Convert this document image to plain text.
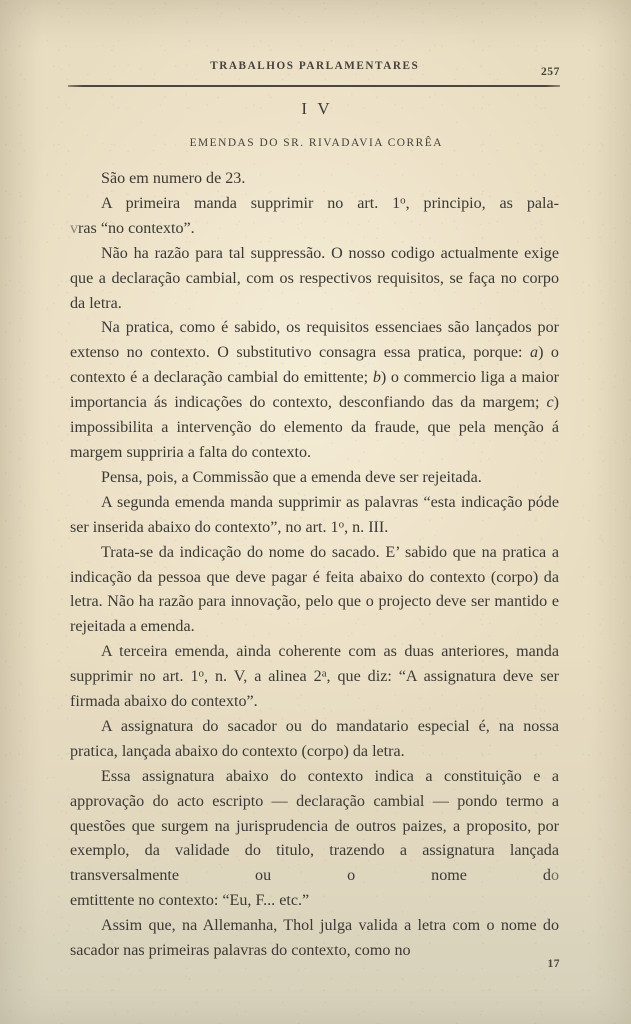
TRABALHOS PARLAMENTARES	257
I V
EMENDAS DO SR. RIVADAVIA CORRÊA

São em numero de 23.

A primeira manda supprimir no art. 1$^o$, principio, as pala-

vras “no contexto”.

Não ha razão para tal suppressão. O nosso codigo actualmente exige que a declaração cambial, com os respectivos requisitos, se faça no corpo da letra.

Na pratica, como é sabido, os requisitos essenciaes são lançados por extenso no contexto. O substitutivo consagra essa pratica, porque: a) o contexto é a declaração cambial do emittente; b) o commercio liga a maior importancia ás indicações do contexto, desconfiando das da margem; c) impossibilita a intervenção do elemento da fraude, que pela menção á margem suppriria a falta do contexto.

Pensa, pois, a Commissão que a emenda deve ser rejeitada.

A segunda emenda manda supprimir as palavras “esta indicação póde ser inserida abaixo do contexto”, no art. 1$^o$, n. III.

Trata-se da indicação do nome do sacado. E’ sabido que na pratica a indicação da pessoa que deve pagar é feita abaixo do contexto (corpo) da letra. Não ha razão para innovação, pelo que o projecto deve ser mantido e rejeitada a emenda.

A terceira emenda, ainda coherente com as duas anteriores, manda supprimir no art. 1$^o$, n. V, a alinea 2$^a$, que diz: “A assignatura deve ser firmada abaixo do contexto”.

A assignatura do sacador ou do mandatario especial é, na nossa pratica, lançada abaixo do contexto (corpo) da letra.

Essa assignatura abaixo do contexto indica a constituição e a approvação do acto escripto — declaração cambial — pondo termo a questões que surgem na jurisprudencia de outros paizes, a proposito, por exemplo, da validade do titulo, trazendo a assignatura lançada transversalmente ou o nome do

emtittente no contexto: “Eu, F... etc.”

Assim que, na Allemanha, Thol julga valida a letra com o nome do sacador nas primeiras palavras do contexto, como no

17
